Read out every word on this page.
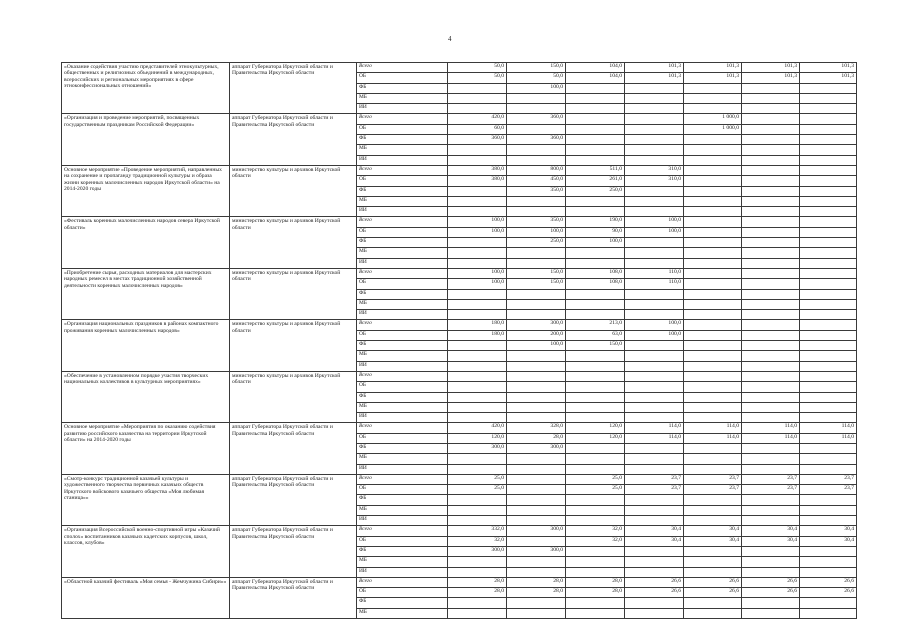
4
«Оказание содействия участию представителей этнокультурных, общественных и религиозных объединений в международных, всероссийских и региональных мероприятиях в сфере этноконфессиональных отношений»	аппарат Губернатора Иркутской области и Правительства Иркутской области	Всего	50,0	150,0	104,0	101,3	101,3	101,3	101,3
		ОБ	50,0	50,0	104,0	101,3	101,3	101,3	101,3
		ФБ		100,0					
		МБ							
		ИИ							
«Организация и проведение мероприятий, посвященных государственным праздникам Российской Федерации»	аппарат Губернатора Иркутской области и Правительства Иркутской области	Всего	420,0	360,0			1 000,0		
		ОБ	60,0				1 000,0		
		ФБ	360,0	360,0					
		МБ							
		ИИ							
Основное мероприятие «Проведение мероприятий, направленных на сохранение и пропаганду традиционной культуры и образа жизни коренных малочисленных народов Иркутской области» на 2014-2020 годы	министерство культуры и архивов Иркутской области	Всего	380,0	800,0	511,0	310,0			
		ОБ	380,0	450,0	261,0	310,0			
		ФБ		350,0	250,0				
		МБ							
		ИИ							
«Фестиваль коренных малочисленных народов севера Иркутской области»	министерство культуры и архивов Иркутской области	Всего	100,0	350,0	190,0	100,0			
		ОБ	100,0	100,0	90,0	100,0			
		ФБ		250,0	100,0				
		МБ							
		ИИ							
«Приобретение сырья, расходных материалов для мастерских народных ремесел в местах традиционной хозяйственной деятельности коренных малочисленных народов»	министерство культуры и архивов Иркутской области	Всего	100,0	150,0	108,0	110,0			
		ОБ	100,0	150,0	108,0	110,0			
		ФБ							
		МБ							
		ИИ							
«Организация национальных праздников в районах компактного проживания коренных малочисленных народов»	министерство культуры и архивов Иркутской области	Всего	180,0	300,0	213,0	100,0			
		ОБ	180,0	200,0	63,0	100,0			
		ФБ		100,0	150,0				
		МБ							
		ИИ							
«Обеспечение в установленном порядке участия творческих национальных коллективов в культурных мероприятиях»	министерство культуры и архивов Иркутской области	Всего							
		ОБ							
		ФБ							
		МБ							
		ИИ							
Основное мероприятие «Мероприятия по оказанию содействия развитию российского казачества на территории Иркутской области» на 2014-2020 годы	аппарат Губернатора Иркутской области и Правительства Иркутской области	Всего	420,0	328,0	120,0	114,0	114,0	114,0	114,0
		ОБ	120,0	28,0	120,0	114,0	114,0	114,0	114,0
		ФБ	300,0	300,0					
		МБ							
		ИИ							
«Смотр-конкурс традиционной казачьей культуры и художественного творчества первичных казачьих обществ Иркутского войскового казачьего общества «Моя любимая станица»»	аппарат Губернатора Иркутской области и Правительства Иркутской области	Всего	25,0		25,0	23,7	23,7	23,7	23,7
		ОБ	25,0		25,0	23,7	23,7	23,7	23,7
		ФБ							
		МБ							
		ИИ							
«Организация Всероссийской военно-спортивной игры «Казачий сполох» воспитанников казачьих кадетских корпусов, школ, классов, клубов»	аппарат Губернатора Иркутской области и Правительства Иркутской области	Всего	332,0	300,0	32,0	30,4	30,4	30,4	30,4
		ОБ	32,0		32,0	30,4	30,4	30,4	30,4
		ФБ	300,0	300,0					
		МБ							
		ИИ							
«Областной казачий фестиваль «Моя семья - Жемчужина Сибири»»	аппарат Губернатора Иркутской области и Правительства Иркутской области	Всего	28,0	28,0	28,0	26,6	26,6	26,6	26,6
		ОБ	28,0	28,0	28,0	26,6	26,6	26,6	26,6
		ФБ							
		МБ							
